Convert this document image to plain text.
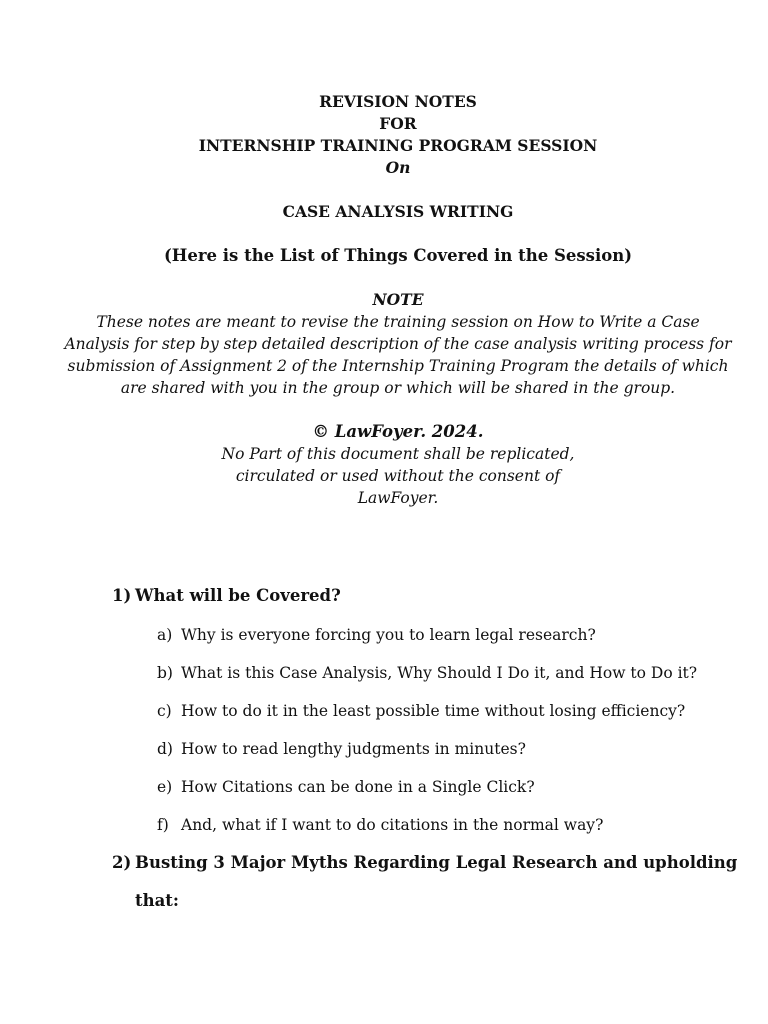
REVISION NOTES

FOR

INTERNSHIP TRAINING PROGRAM SESSION

On

CASE ANALYSIS WRITING

(Here is the List of Things Covered in the Session)

NOTE

These notes are meant to revise the training session on How to Write a Case

Analysis for step by step detailed description of the case analysis writing process for

submission of Assignment 2 of the Internship Training Program the details of which

are shared with you in the group or which will be shared in the group.

© LawFoyer. 2024.

No Part of this document shall be replicated,

circulated or used without the consent of

LawFoyer.

1) What will be Covered?

a) Why is everyone forcing you to learn legal research?

b) What is this Case Analysis, Why Should I Do it, and How to Do it?

c) How to do it in the least possible time without losing efficiency?

d) How to read lengthy judgments in minutes?

e) How Citations can be done in a Single Click?

f) And, what if I want to do citations in the normal way?

2) Busting 3 Major Myths Regarding Legal Research and upholding

that:
